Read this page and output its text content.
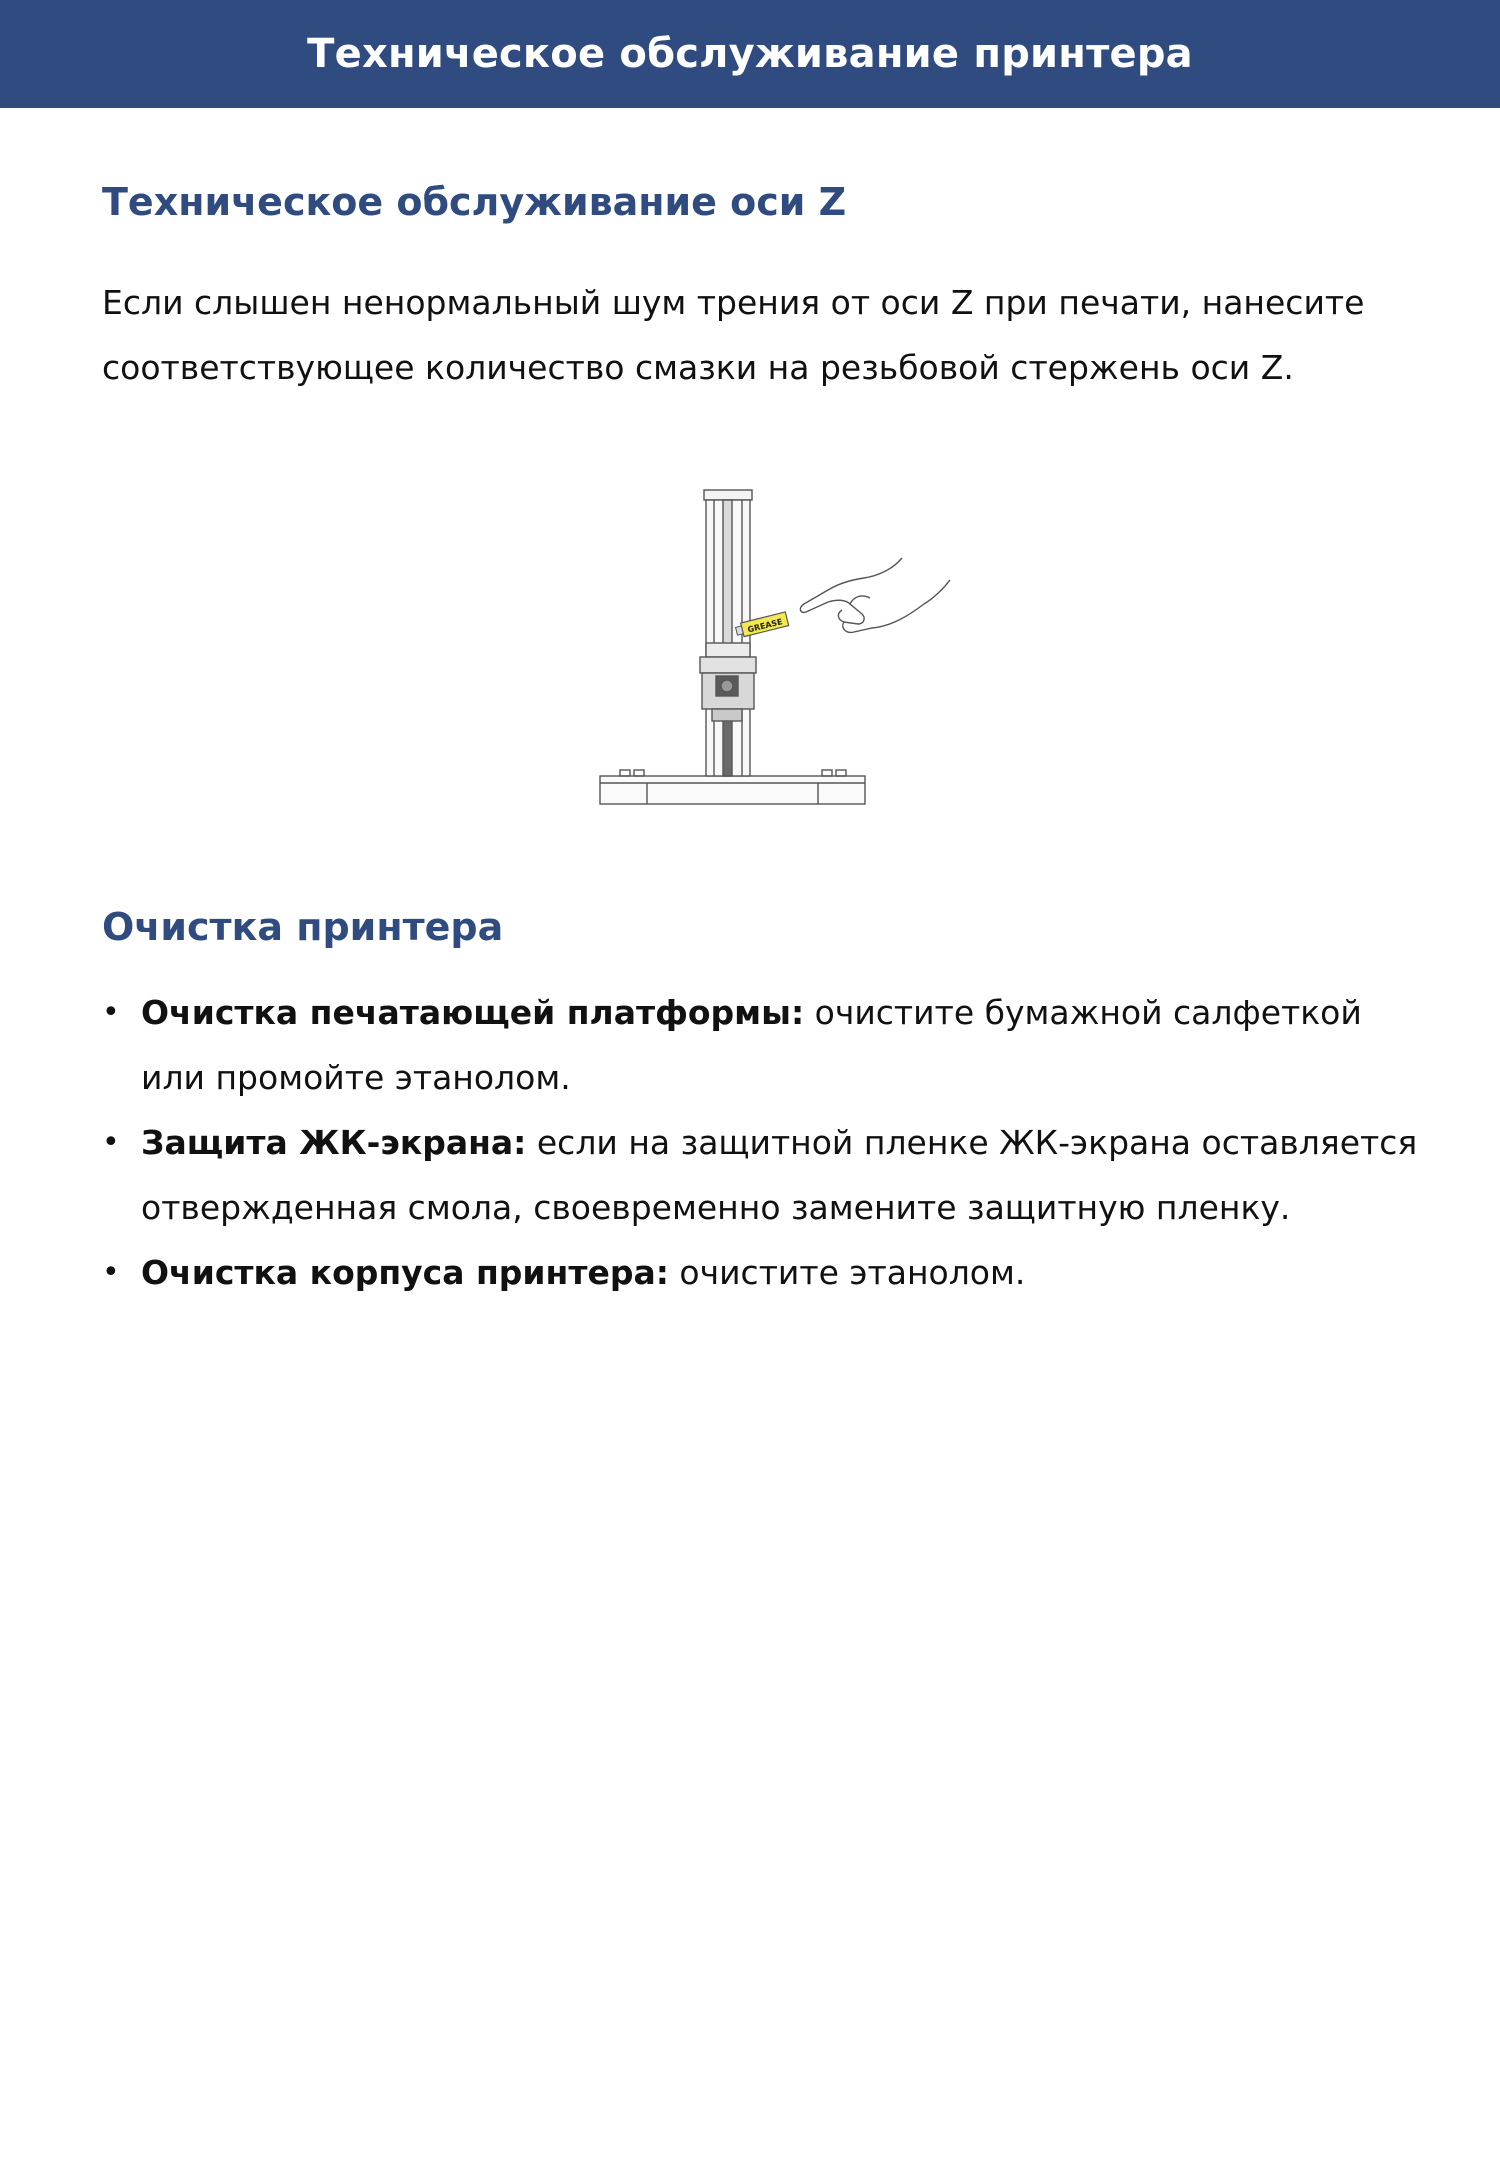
Техническое обслуживание принтера
Техническое обслуживание оси Z

Если слышен ненормальный шум трения от оси Z при печати, нанесите соответствующее количество смазки на резьбовой стержень оси Z.

GREASE
Очистка принтера
• Очистка печатающей платформы: очистите бумажной салфеткой или промойте этанолом.
• Защита ЖК-экрана: если на защитной пленке ЖК-экрана оставляется отвержденная смола, своевременно замените защитную пленку.
• Очистка корпуса принтера: очистите этанолом.
